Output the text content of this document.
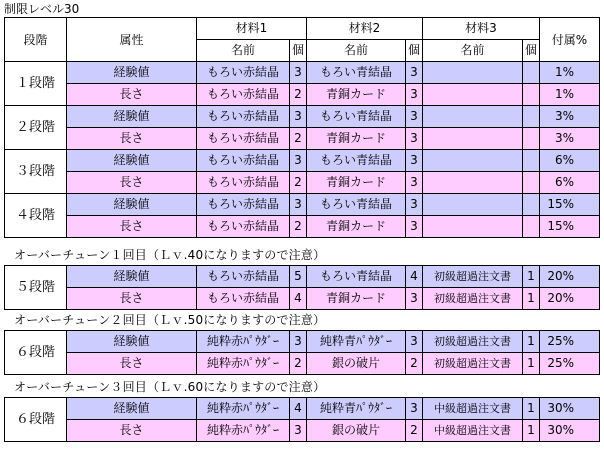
制限レベル30
段階	属性	材料1		材料2		材料3		付属%
		名前	個	名前	個	名前	個	
１段階	経験値	もろい赤結晶	3	もろい青結晶	3			1%
	長さ	もろい赤結晶	2	青銅カード	3			1%
２段階	経験値	もろい赤結晶	3	もろい青結晶	3			3%
	長さ	もろい赤結晶	2	青銅カード	3			3%
３段階	経験値	もろい赤結晶	3	もろい青結晶	3			6%
	長さ	もろい赤結晶	2	青銅カード	3			6%
４段階	経験値	もろい赤結晶	3	もろい青結晶	3			15%
	長さ	もろい赤結晶	2	青銅カード	3			15%
オーバーチューン１回目（Ｌｖ.40になりますので注意）
５段階	経験値	もろい赤結晶	5	もろい青結晶	4	初級超過注文書	1	20%
	長さ	もろい赤結晶	4	青銅カード	3	初級超過注文書	1	20%
オーバーチューン２回目（Ｌｖ.50になりますので注意）
６段階	経験値	純粋赤ﾊﾟｳﾀﾞｰ	3	純粋青ﾊﾟｳﾀﾞｰ	3	初級超過注文書	1	25%
	長さ	純粋赤ﾊﾟｳﾀﾞｰ	2	銀の破片	2	初級超過注文書	1	25%
オーバーチューン３回目（Ｌｖ.60になりますので注意）
６段階	経験値	純粋赤ﾊﾟｳﾀﾞｰ	4	純粋青ﾊﾟｳﾀﾞｰ	3	中級超過注文書	1	30%
	長さ	純粋赤ﾊﾟｳﾀﾞｰ	3	銀の破片	2	中級超過注文書	1	30%
